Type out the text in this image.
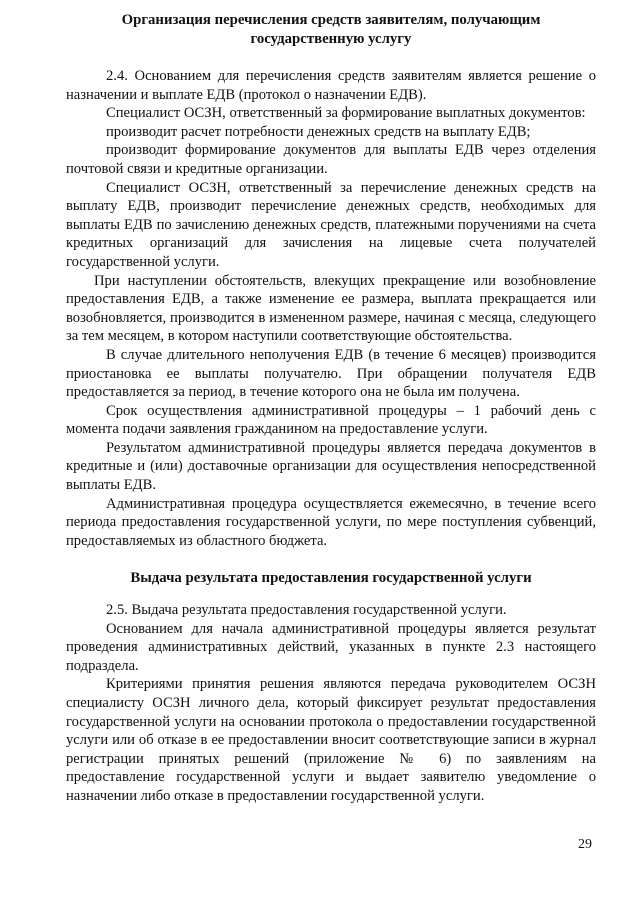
Организация перечисления средств заявителям, получающим государственную услугу

2.4. Основанием для перечисления средств заявителям является решение о назначении и выплате ЕДВ (протокол о назначении ЕДВ).

Специалист ОСЗН, ответственный за формирование выплатных документов:

производит расчет потребности денежных средств на выплату ЕДВ;

производит формирование документов для выплаты ЕДВ через отделения почтовой связи и кредитные организации.

Специалист ОСЗН, ответственный за перечисление денежных средств на выплату ЕДВ, производит перечисление денежных средств, необходимых для выплаты ЕДВ по зачислению денежных средств, платежными поручениями на счета кредитных организаций для зачисления на лицевые счета получателей государственной услуги.

При наступлении обстоятельств, влекущих прекращение или возобновление предоставления ЕДВ, а также изменение ее размера, выплата прекращается или возобновляется, производится в измененном размере, начиная с месяца, следующего за тем месяцем, в котором наступили соответствующие обстоятельства.

В случае длительного неполучения ЕДВ (в течение 6 месяцев) производится приостановка ее выплаты получателю. При обращении получателя ЕДВ предоставляется за период, в течение которого она не была им получена.

Срок осуществления административной процедуры – 1 рабочий день с момента подачи заявления гражданином на предоставление услуги.

Результатом административной процедуры является передача документов в кредитные и (или) доставочные организации для осуществления непосредственной выплаты ЕДВ.

Административная процедура осуществляется ежемесячно, в течение всего периода предоставления государственной услуги, по мере поступления субвенций, предоставляемых из областного бюджета.

Выдача результата предоставления государственной услуги

2.5. Выдача результата предоставления государственной услуги.

Основанием для начала административной процедуры является результат проведения административных действий, указанных в пункте 2.3 настоящего подраздела.

Критериями принятия решения являются передача руководителем ОСЗН специалисту ОСЗН личного дела, который фиксирует результат предоставления государственной услуги на основании протокола о предоставлении государственной услуги или об отказе в ее предоставлении вносит соответствующие записи в журнал регистрации принятых решений (приложение № 6) по заявлениям на предоставление государственной услуги и выдает заявителю уведомление о назначении либо отказе в предоставлении государственной услуги.

29
